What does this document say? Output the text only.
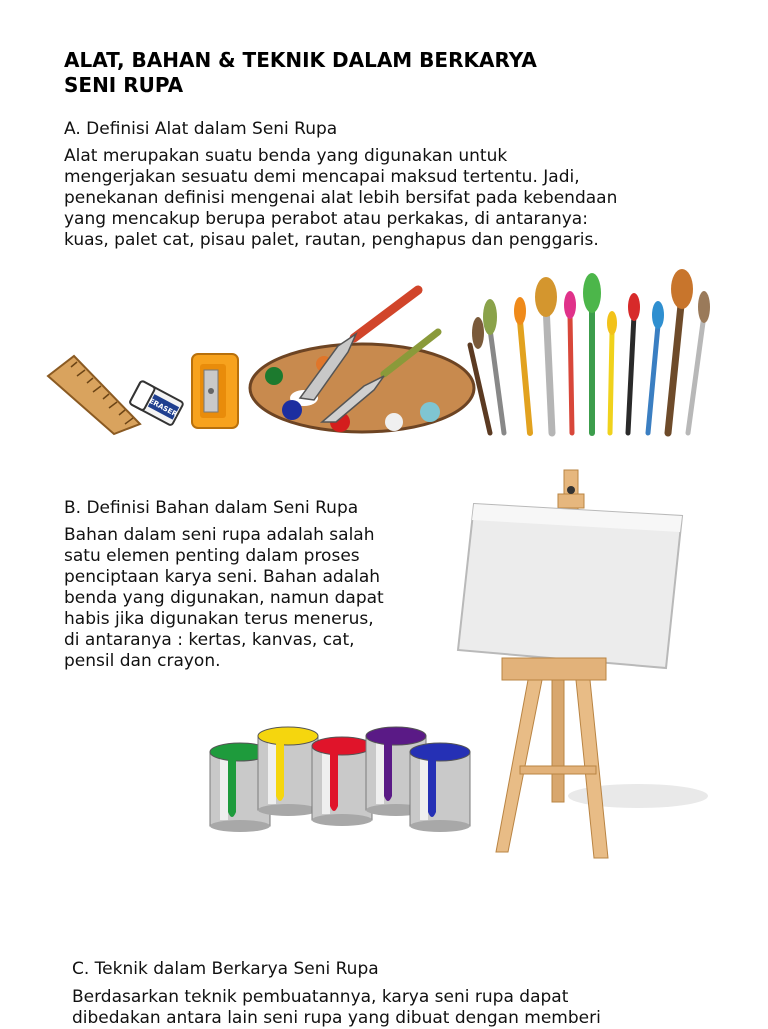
ALAT, BAHAN & TEKNIK DALAM BERKARYA
SENI RUPA
A. Definisi Alat dalam Seni Rupa
Alat merupakan suatu benda yang digunakan untuk
mengerjakan sesuatu demi mencapai maksud tertentu. Jadi,
penekanan definisi mengenai alat lebih bersifat pada kebendaan
yang mencakup berupa perabot atau perkakas, di antaranya:
kuas, palet cat, pisau palet, rautan, penghapus dan penggaris.
ERASER
B. Definisi Bahan dalam Seni Rupa
Bahan dalam seni rupa adalah salah
satu elemen penting dalam proses
penciptaan karya seni. Bahan adalah
benda yang digunakan, namun dapat
habis jika digunakan terus menerus,
di antaranya : kertas, kanvas, cat,
pensil dan crayon.
C. Teknik dalam Berkarya Seni Rupa
Berdasarkan teknik pembuatannya, karya seni rupa dapat
dibedakan antara lain seni rupa yang dibuat dengan memberi
